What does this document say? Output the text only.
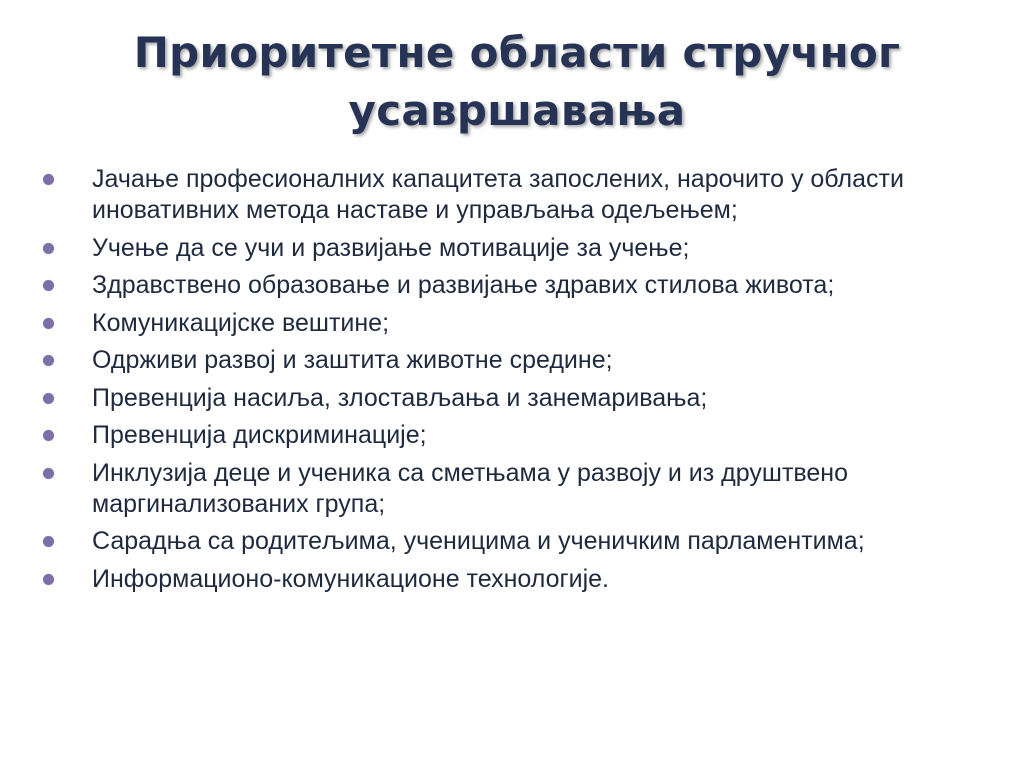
Приоритетне области стручног
усавршавања
Јачање професионалних капацитета запослених, нарочито у области иновативних метода наставе и управљања одељењем;
Учење да се учи и развијање мотивације за учење;
Здравствено образовање и развијање здравих стилова живота;
Комуникацијске вештине;
Одрживи развој и заштита животне средине;
Превенција насиља, злостављања и занемаривања;
Превенција дискриминације;
Инклузија деце и ученика са сметњама у развоју и из друштвено маргинализованих група;
Сарадња са родитељима, ученицима и ученичким парламентима;
Информационо-комуникационе технологије.
